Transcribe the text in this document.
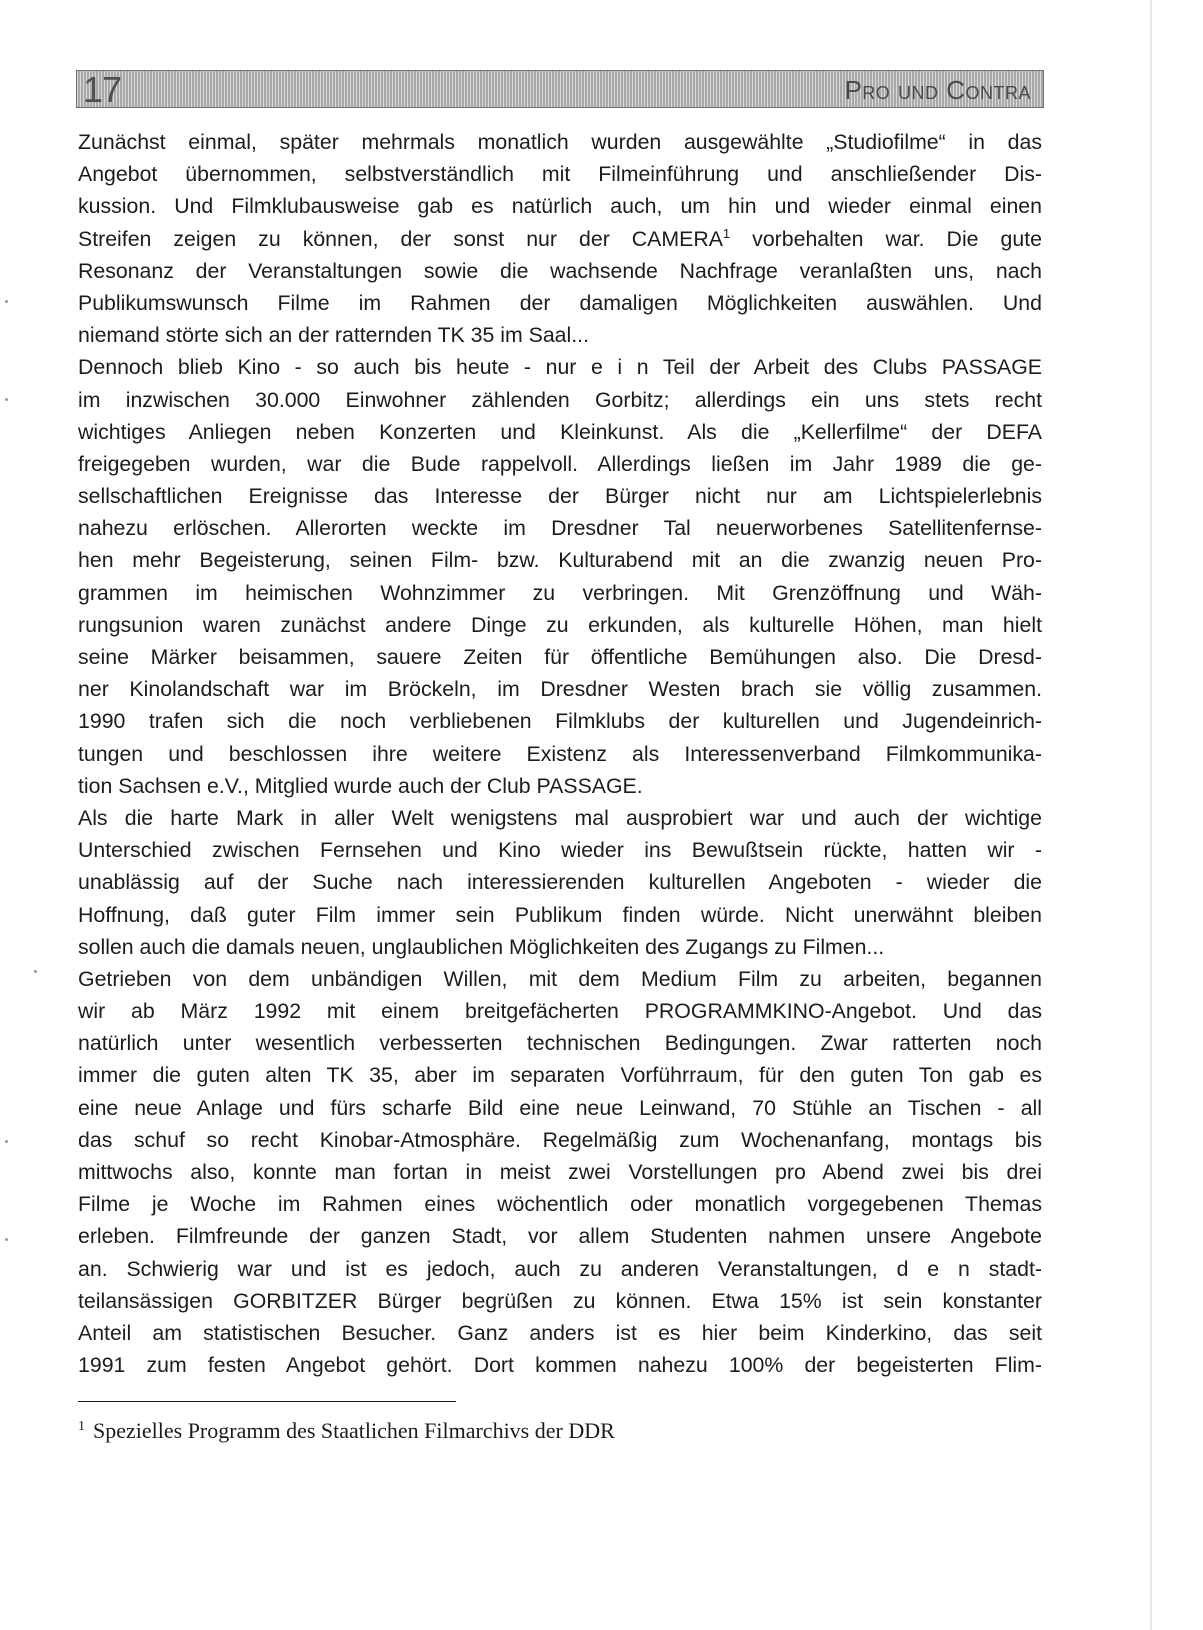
17	Pro und Contra
Zunächst einmal, später mehrmals monatlich wurden ausgewählte „Studiofilme“ in das
Angebot übernommen, selbstverständlich mit Filmeinführung und anschließender Dis-
kussion. Und Filmklubausweise gab es natürlich auch, um hin und wieder einmal einen
Streifen zeigen zu können, der sonst nur der CAMERA$^1$ vorbehalten war. Die gute
Resonanz der Veranstaltungen sowie die wachsende Nachfrage veranlaßten uns, nach
Publikumswunsch Filme im Rahmen der damaligen Möglichkeiten auswählen. Und
niemand störte sich an der ratternden TK 35 im Saal...
Dennoch blieb Kino - so auch bis heute - nur e i n Teil der Arbeit des Clubs PASSAGE
im inzwischen 30.000 Einwohner zählenden Gorbitz; allerdings ein uns stets recht
wichtiges Anliegen neben Konzerten und Kleinkunst. Als die „Kellerfilme“ der DEFA
freigegeben wurden, war die Bude rappelvoll. Allerdings ließen im Jahr 1989 die ge-
sellschaftlichen Ereignisse das Interesse der Bürger nicht nur am Lichtspielerlebnis
nahezu erlöschen. Allerorten weckte im Dresdner Tal neuerworbenes Satellitenfernse-
hen mehr Begeisterung, seinen Film- bzw. Kulturabend mit an die zwanzig neuen Pro-
grammen im heimischen Wohnzimmer zu verbringen. Mit Grenzöffnung und Wäh-
rungsunion waren zunächst andere Dinge zu erkunden, als kulturelle Höhen, man hielt
seine Märker beisammen, sauere Zeiten für öffentliche Bemühungen also. Die Dresd-
ner Kinolandschaft war im Bröckeln, im Dresdner Westen brach sie völlig zusammen.
1990 trafen sich die noch verbliebenen Filmklubs der kulturellen und Jugendeinrich-
tungen und beschlossen ihre weitere Existenz als Interessenverband Filmkommunika-
tion Sachsen e.V., Mitglied wurde auch der Club PASSAGE.
Als die harte Mark in aller Welt wenigstens mal ausprobiert war und auch der wichtige
Unterschied zwischen Fernsehen und Kino wieder ins Bewußtsein rückte, hatten wir -
unablässig auf der Suche nach interessierenden kulturellen Angeboten - wieder die
Hoffnung, daß guter Film immer sein Publikum finden würde. Nicht unerwähnt bleiben
sollen auch die damals neuen, unglaublichen Möglichkeiten des Zugangs zu Filmen...
Getrieben von dem unbändigen Willen, mit dem Medium Film zu arbeiten, begannen
wir ab März 1992 mit einem breitgefächerten PROGRAMMKINO-Angebot. Und das
natürlich unter wesentlich verbesserten technischen Bedingungen. Zwar ratterten noch
immer die guten alten TK 35, aber im separaten Vorführraum, für den guten Ton gab es
eine neue Anlage und fürs scharfe Bild eine neue Leinwand, 70 Stühle an Tischen - all
das schuf so recht Kinobar-Atmosphäre. Regelmäßig zum Wochenanfang, montags bis
mittwochs also, konnte man fortan in meist zwei Vorstellungen pro Abend zwei bis drei
Filme je Woche im Rahmen eines wöchentlich oder monatlich vorgegebenen Themas
erleben. Filmfreunde der ganzen Stadt, vor allem Studenten nahmen unsere Angebote
an. Schwierig war und ist es jedoch, auch zu anderen Veranstaltungen, d e n stadt-
teilansässigen GORBITZER Bürger begrüßen zu können. Etwa 15% ist sein konstanter
Anteil am statistischen Besucher. Ganz anders ist es hier beim Kinderkino, das seit
1991 zum festen Angebot gehört. Dort kommen nahezu 100% der begeisterten Flim-
$^1$ Spezielles Programm des Staatlichen Filmarchivs der DDR
